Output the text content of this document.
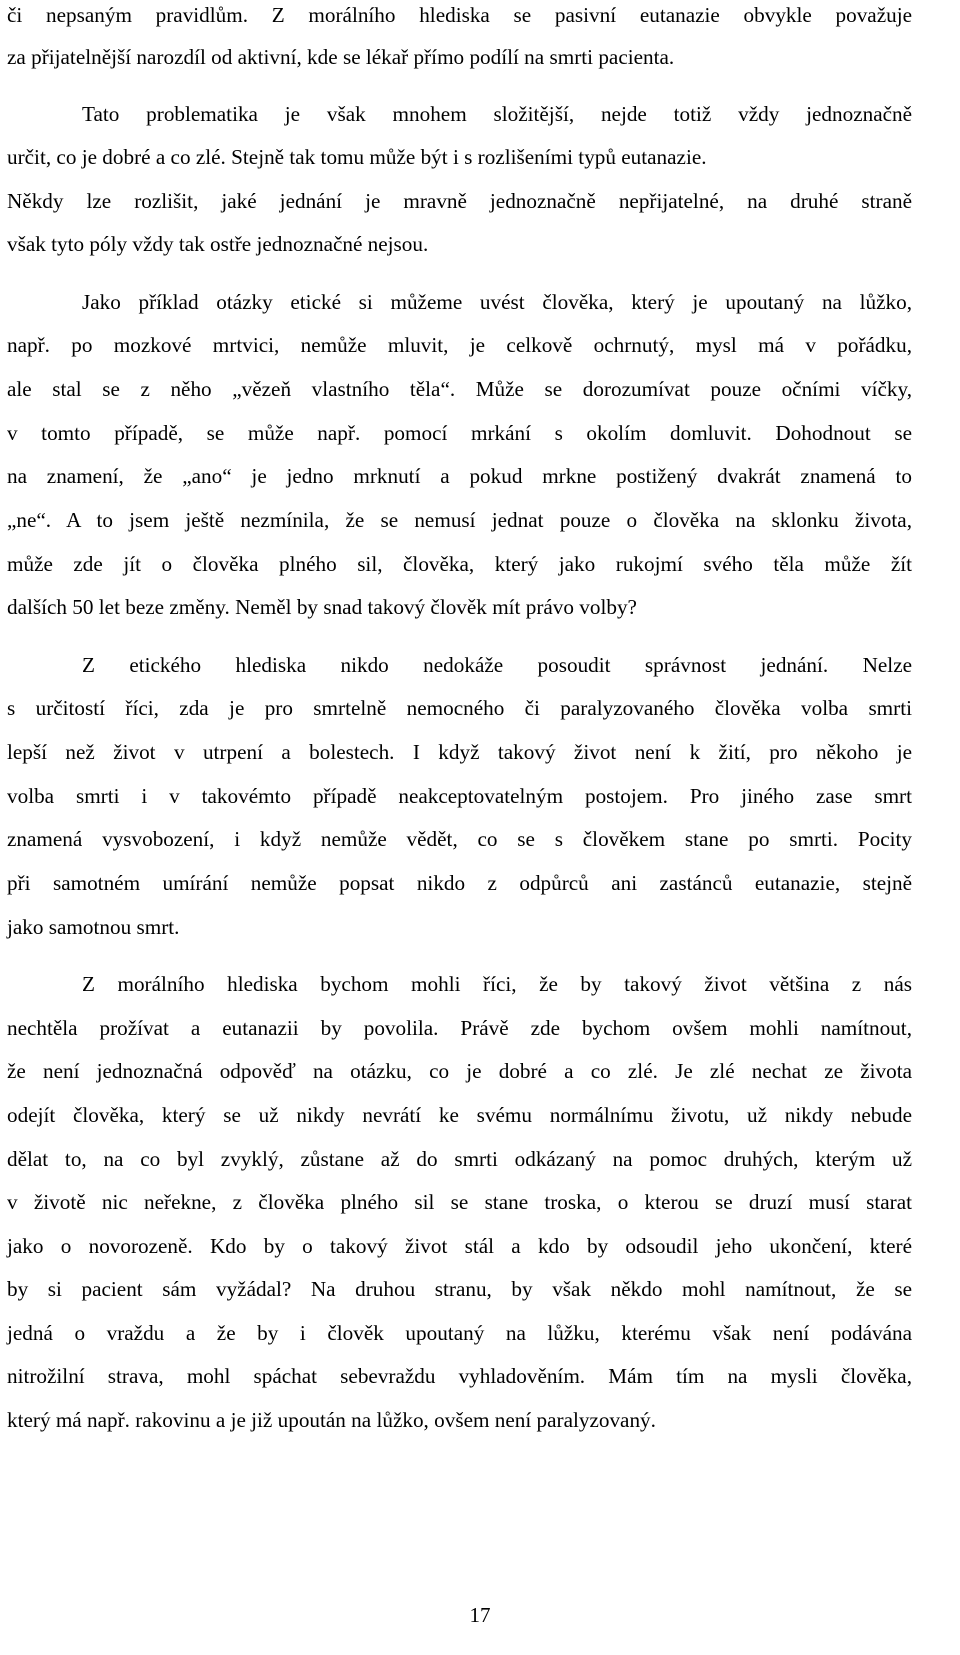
či nepsaným pravidlům. Z morálního hlediska se pasivní eutanazie obvykle považuje
za přijatelnější narozdíl od aktivní, kde se lékař přímo podílí na smrti pacienta.
Tato problematika je však mnohem složitější, nejde totiž vždy jednoznačně
určit, co je dobré a co zlé. Stejně tak tomu může být i s rozlišeními typů eutanazie.
Někdy lze rozlišit, jaké jednání je mravně jednoznačně nepřijatelné, na druhé straně
však tyto póly vždy tak ostře jednoznačné nejsou.
Jako příklad otázky etické si můžeme uvést člověka, který je upoutaný na lůžko,
např. po mozkové mrtvici, nemůže mluvit, je celkově ochrnutý, mysl má v pořádku,
ale stal se z něho „vězeň vlastního těla“. Může se dorozumívat pouze očními víčky,
v tomto případě, se může např. pomocí mrkání s okolím domluvit. Dohodnout se
na znamení, že „ano“ je jedno mrknutí a pokud mrkne postižený dvakrát znamená to
„ne“. A to jsem ještě nezmínila, že se nemusí jednat pouze o člověka na sklonku života,
může zde jít o člověka plného sil, člověka, který jako rukojmí svého těla může žít
dalších 50 let beze změny. Neměl by snad takový člověk mít právo volby?
Z etického hlediska nikdo nedokáže posoudit správnost jednání. Nelze
s určitostí říci, zda je pro smrtelně nemocného či paralyzovaného člověka volba smrti
lepší než život v utrpení a bolestech. I když takový život není k žití, pro někoho je
volba smrti i v takovémto případě neakceptovatelným postojem. Pro jiného zase smrt
znamená vysvobození, i když nemůže vědět, co se s člověkem stane po smrti. Pocity
při samotném umírání nemůže popsat nikdo z odpůrců ani zastánců eutanazie, stejně
jako samotnou smrt.
Z morálního hlediska bychom mohli říci, že by takový život většina z nás
nechtěla prožívat a eutanazii by povolila. Právě zde bychom ovšem mohli namítnout,
že není jednoznačná odpověď na otázku, co je dobré a co zlé. Je zlé nechat ze života
odejít člověka, který se už nikdy nevrátí ke svému normálnímu životu, už nikdy nebude
dělat to, na co byl zvyklý, zůstane až do smrti odkázaný na pomoc druhých, kterým už
v životě nic neřekne, z člověka plného sil se stane troska, o kterou se druzí musí starat
jako o novorozeně. Kdo by o takový život stál a kdo by odsoudil jeho ukončení, které
by si pacient sám vyžádal? Na druhou stranu, by však někdo mohl namítnout, že se
jedná o vraždu a že by i člověk upoutaný na lůžku, kterému však není podávána
nitrožilní strava, mohl spáchat sebevraždu vyhladověním. Mám tím na mysli člověka,
který má např. rakovinu a je již upoután na lůžko, ovšem není paralyzovaný.
17
